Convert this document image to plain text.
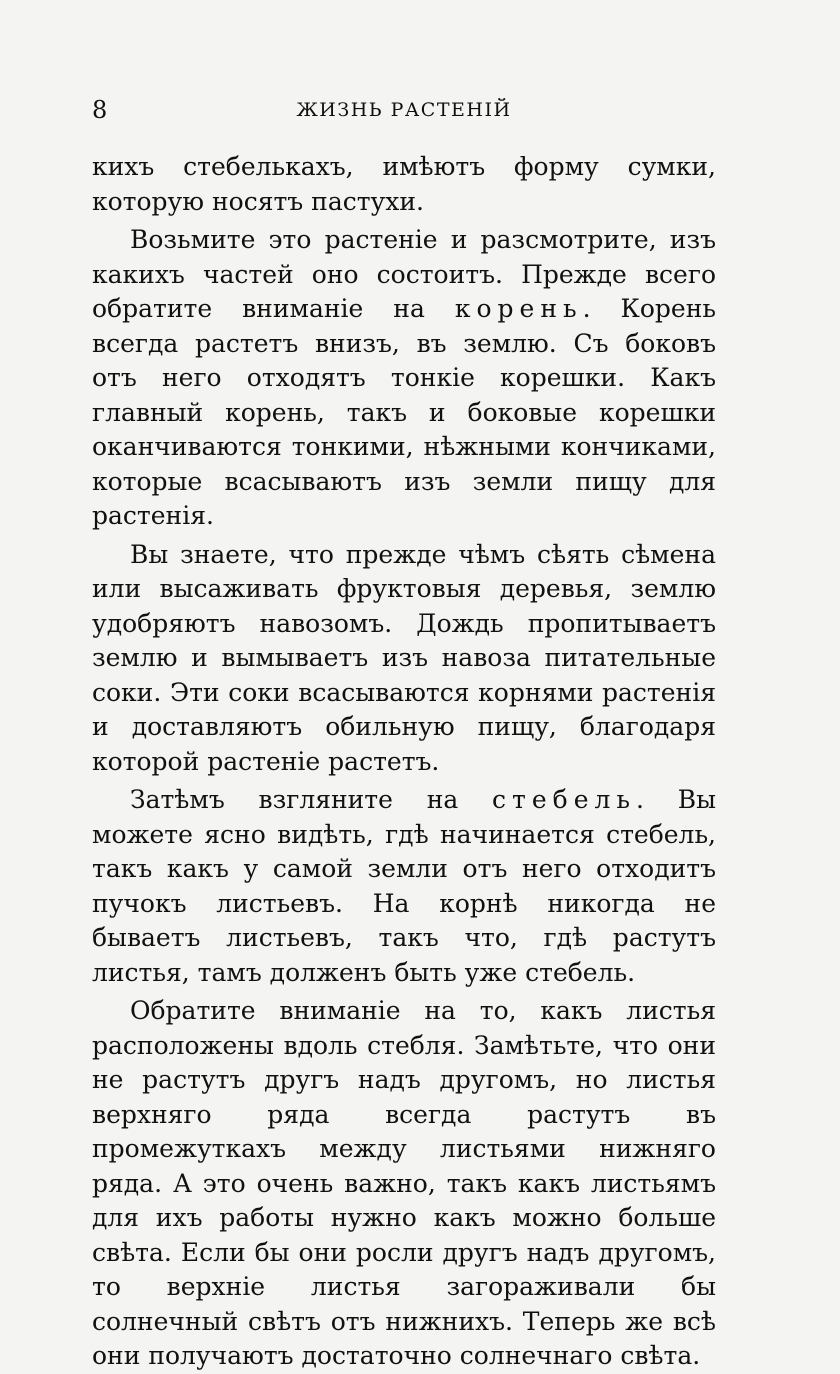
8	ЖИЗНЬ РАСТЕНІЙ

кихъ стебелькахъ, имѣютъ форму сумки, которую носятъ пастухи.

Возьмите это растеніе и разсмотрите, изъ какихъ частей оно состоитъ. Прежде всего обратите вниманіе на корень. Корень всегда растетъ внизъ, въ землю. Съ боковъ отъ него отходятъ тонкіе корешки. Какъ главный корень, такъ и боковые корешки оканчиваются тонкими, нѣжными кончиками, которые всасываютъ изъ земли пищу для растенія.

Вы знаете, что прежде чѣмъ сѣять сѣмена или высаживать фруктовыя деревья, землю удобряютъ навозомъ. Дождь пропитываетъ землю и вымываетъ изъ навоза питательные соки. Эти соки всасываются корнями растенія и доставляютъ обильную пищу, благодаря которой растеніе растетъ.

Затѣмъ взгляните на стебель. Вы можете ясно видѣть, гдѣ начинается стебель, такъ какъ у самой земли отъ него отходитъ пучокъ листьевъ. На корнѣ никогда не бываетъ листьевъ, такъ что, гдѣ растутъ листья, тамъ долженъ быть уже стебель.

Обратите вниманіе на то, какъ листья расположены вдоль стебля. Замѣтьте, что они не растутъ другъ надъ другомъ, но листья верхняго ряда всегда растутъ въ промежуткахъ между листьями нижняго ряда. А это очень важно, такъ какъ листьямъ для ихъ работы нужно какъ можно больше свѣта. Если бы они росли другъ надъ другомъ, то верхніе листья загораживали бы солнечный свѣтъ отъ нижнихъ. Теперь же всѣ они получаютъ достаточно солнечнаго свѣта.
